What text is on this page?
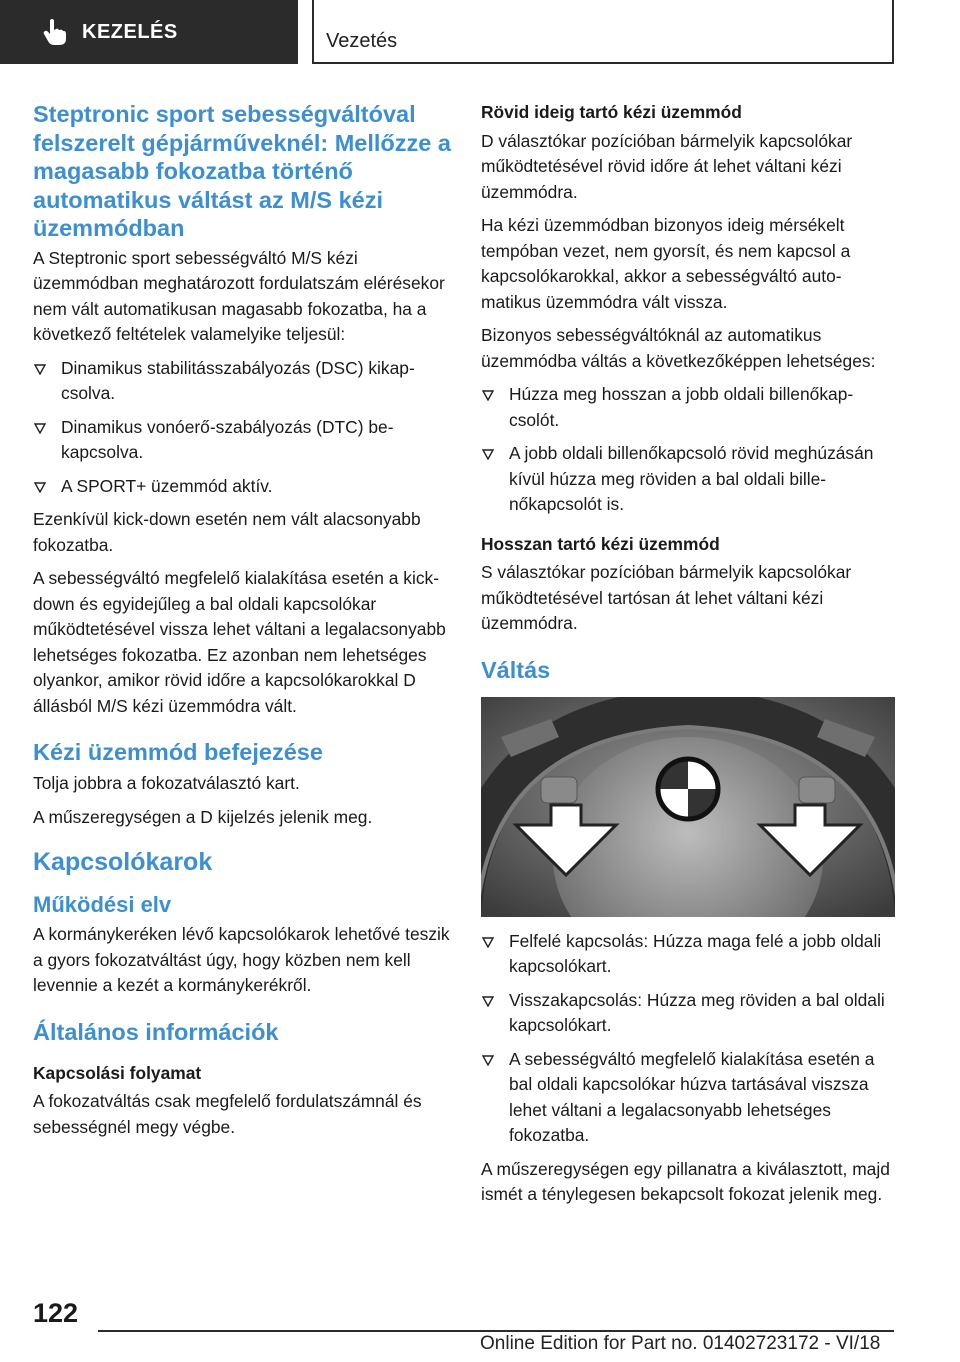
KEZELÉS	Vezetés
Steptronic sport sebességváltóval felszerelt gépjárműveknél: Mellőzze a magasabb fokozatba történő automatikus váltást az M/S kézi üzemmódban

A Steptronic sport sebességváltó M/S kézi üzemmódban meghatározott fordulatszám elérésekor nem vált automatikusan magasabb fokozatba, ha a következő feltételek valamelyike teljesül:

Dinamikus stabilitásszabályozás (DSC) kikapcsolva.
Dinamikus vonóerő-szabályozás (DTC) bekapcsolva.
A SPORT+ üzemmód aktív.

Ezenkívül kick-down esetén nem vált alacsonyabb fokozatba.

A sebességváltó megfelelő kialakítása esetén a kick-down és egyidejűleg a bal oldali kapcsolókar működtetésével vissza lehet váltani a legalacsonyabb lehetséges fokozatba. Ez azonban nem lehetséges olyankor, amikor rövid időre a kapcsolókarokkal D állásból M/S kézi üzemmódra vált.

Kézi üzemmód befejezése

Tolja jobbra a fokozatválasztó kart.

A műszeregységen a D kijelzés jelenik meg.

Kapcsolókarok
Működési elv

A kormánykeréken lévő kapcsolókarok lehetővé teszik a gyors fokozatváltást úgy, hogy közben nem kell levennie a kezét a kormánykerékről.

Általános információk
Kapcsolási folyamat

A fokozatváltás csak megfelelő fordulatszámnál és sebességnél megy végbe.

Rövid ideig tartó kézi üzemmód

D választókar pozícióban bármelyik kapcsolókar működtetésével rövid időre át lehet váltani kézi üzemmódra.

Ha kézi üzemmódban bizonyos ideig mérsékelt tempóban vezet, nem gyorsít, és nem kapcsol a kapcsolókarokkal, akkor a sebességváltó automatikus üzemmódra vált vissza.

Bizonyos sebességváltóknál az automatikus üzemmódba váltás a következőképpen lehetséges:

Húzza meg hosszan a jobb oldali billenőkapcsolót.
A jobb oldali billenőkapcsoló rövid meghúzásán kívül húzza meg röviden a bal oldali billenőkapcsolót is.
Hosszan tartó kézi üzemmód

S választókar pozícióban bármelyik kapcsolókar működtetésével tartósan át lehet váltani kézi üzemmódra.

Váltás
Felfelé kapcsolás: Húzza maga felé a jobb oldali kapcsolókart.
Visszakapcsolás: Húzza meg röviden a bal oldali kapcsolókart.
A sebességváltó megfelelő kialakítása esetén a bal oldali kapcsolókar húzva tartásával viszsza lehet váltani a legalacsonyabb lehetséges fokozatba.

A műszeregységen egy pillanatra a kiválasztott, majd ismét a ténylegesen bekapcsolt fokozat jelenik meg.

122
Online Edition for Part no. 01402723172 - VI/18
